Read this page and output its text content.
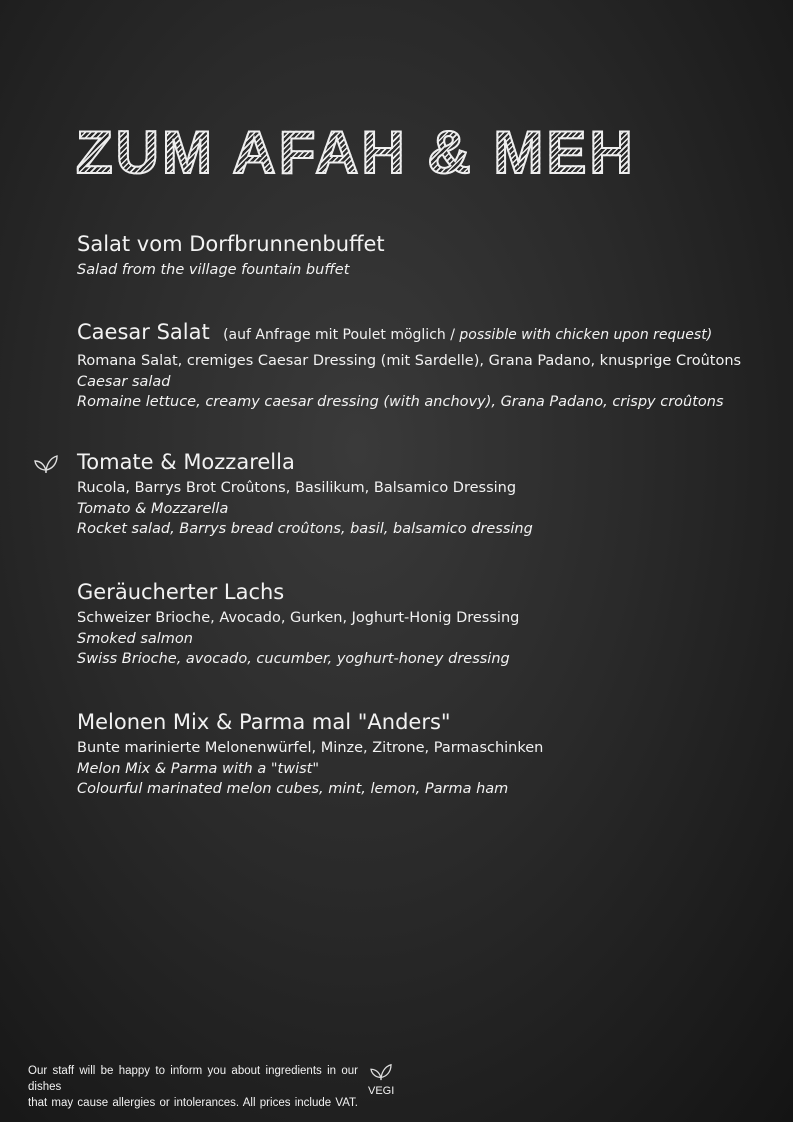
ZUM AFAH & MEH
Salat vom Dorfbrunnenbuffet
Salad from the village fountain buffet
Caesar Salat (auf Anfrage mit Poulet möglich / possible with chicken upon request)
Romana Salat, cremiges Caesar Dressing (mit Sardelle), Grana Padano, knusprige Croûtons
Caesar salad
Romaine lettuce, creamy caesar dressing (with anchovy), Grana Padano, crispy croûtons
Tomate & Mozzarella
Rucola, Barrys Brot Croûtons, Basilikum, Balsamico Dressing
Tomato & Mozzarella
Rocket salad, Barrys bread croûtons, basil, balsamico dressing
Geräucherter Lachs
Schweizer Brioche, Avocado, Gurken, Joghurt-Honig Dressing
Smoked salmon
Swiss Brioche, avocado, cucumber, yoghurt-honey dressing
Melonen Mix & Parma mal "Anders"
Bunte marinierte Melonenwürfel, Minze, Zitrone, Parmaschinken
Melon Mix & Parma with a "twist"
Colourful marinated melon cubes, mint, lemon, Parma ham
Our staff will be happy to inform you about ingredients in our dishes
that may cause allergies or intolerances. All prices include VAT.
VEGI
